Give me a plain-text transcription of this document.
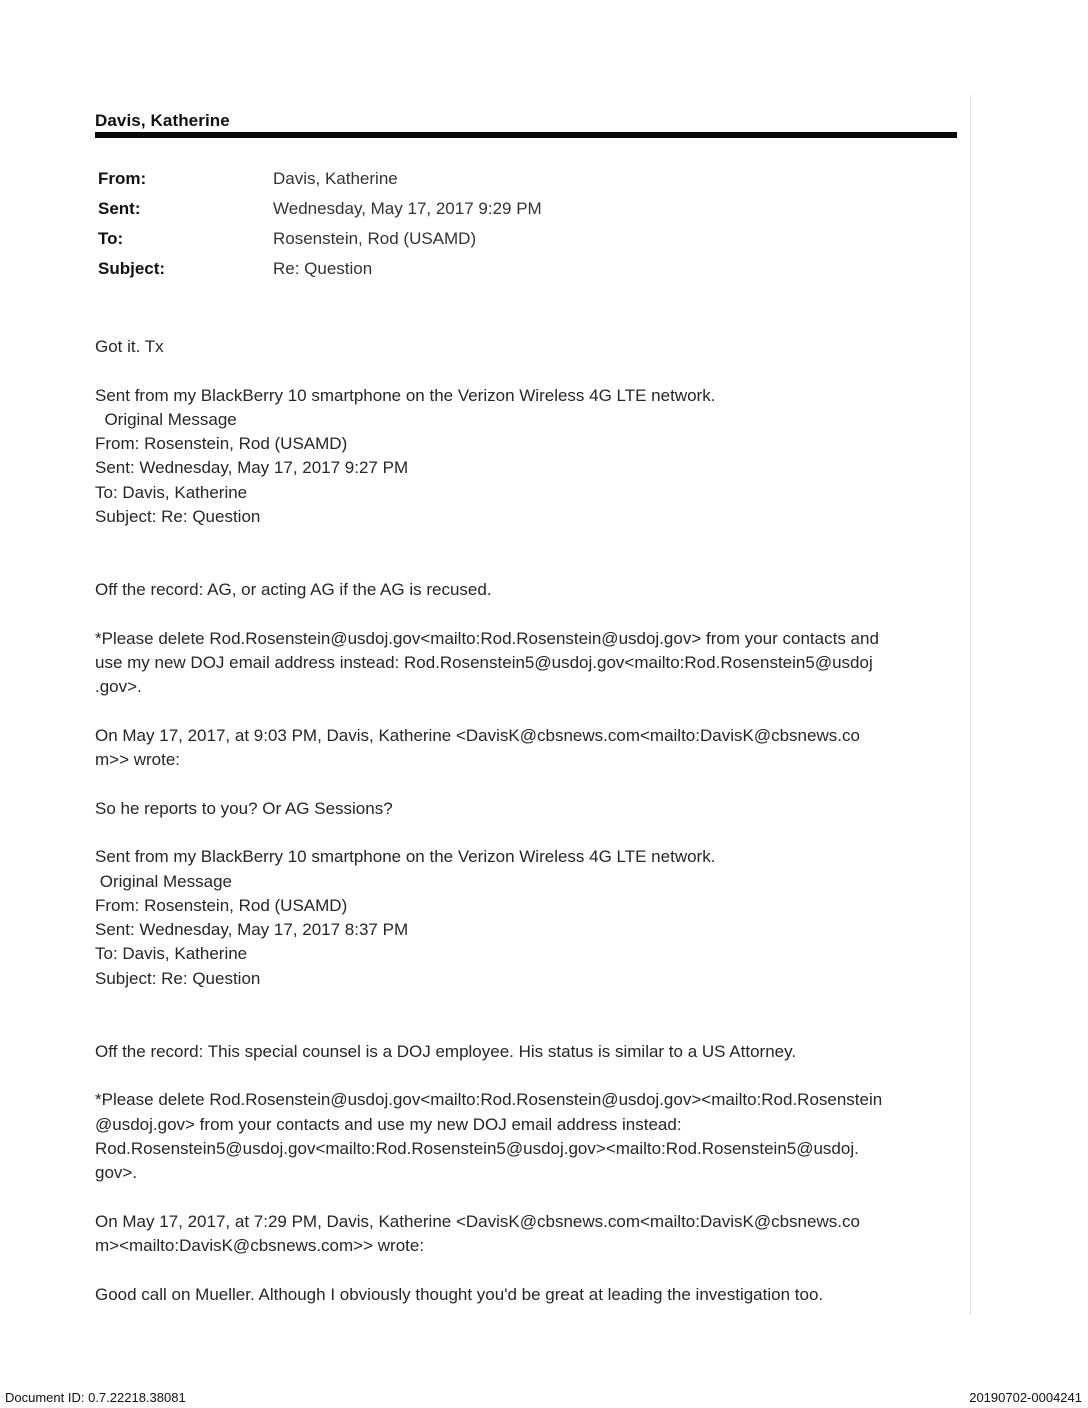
Davis, Katherine
From:	Davis, Katherine
Sent:	Wednesday, May 17, 2017 9:29 PM
To:	Rosenstein, Rod (USAMD)
Subject:	Re: Question
Got it. Tx
Sent from my BlackBerry 10 smartphone on the Verizon Wireless 4G LTE network.
Original Message
From: Rosenstein, Rod (USAMD)
Sent: Wednesday, May 17, 2017 9:27 PM
To: Davis, Katherine
Subject: Re: Question
Off the record: AG, or acting AG if the AG is recused.
*Please delete Rod.Rosenstein@usdoj.gov<mailto:Rod.Rosenstein@usdoj.gov> from your contacts and
use my new DOJ email address instead: Rod.Rosenstein5@usdoj.gov<mailto:Rod.Rosenstein5@usdoj
.gov>.
On May 17, 2017, at 9:03 PM, Davis, Katherine <DavisK@cbsnews.com<mailto:DavisK@cbsnews.co
m>> wrote:
So he reports to you? Or AG Sessions?
Sent from my BlackBerry 10 smartphone on the Verizon Wireless 4G LTE network.
Original Message
From: Rosenstein, Rod (USAMD)
Sent: Wednesday, May 17, 2017 8:37 PM
To: Davis, Katherine
Subject: Re: Question
Off the record: This special counsel is a DOJ employee. His status is similar to a US Attorney.
*Please delete Rod.Rosenstein@usdoj.gov<mailto:Rod.Rosenstein@usdoj.gov><mailto:Rod.Rosenstein
@usdoj.gov> from your contacts and use my new DOJ email address instead:
Rod.Rosenstein5@usdoj.gov<mailto:Rod.Rosenstein5@usdoj.gov><mailto:Rod.Rosenstein5@usdoj.
gov>.
On May 17, 2017, at 7:29 PM, Davis, Katherine <DavisK@cbsnews.com<mailto:DavisK@cbsnews.co
m><mailto:DavisK@cbsnews.com>> wrote:
Good call on Mueller. Although I obviously thought you'd be great at leading the investigation too.
Document ID: 0.7.22218.38081	20190702-0004241
